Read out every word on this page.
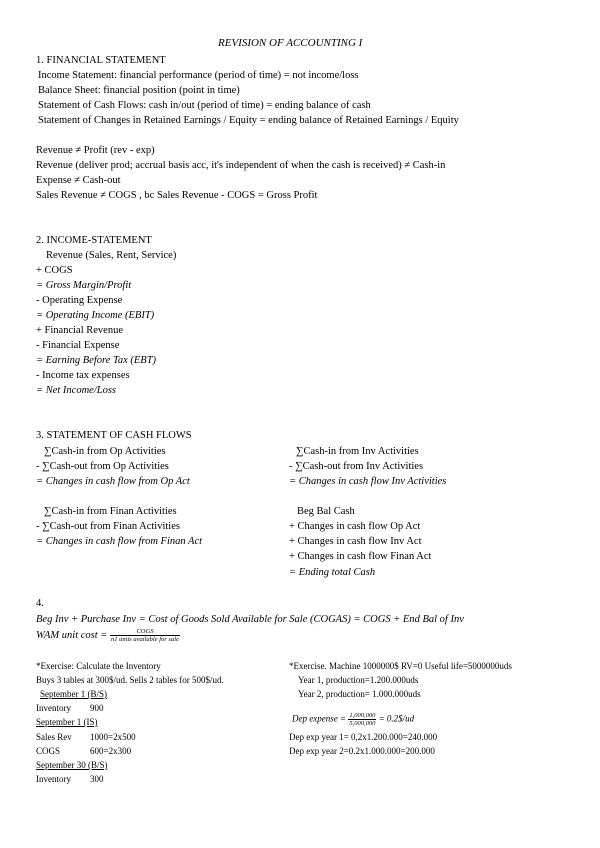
REVISION OF ACCOUNTING I
1. FINANCIAL STATEMENT
Income Statement: financial performance (period of time) = not income/loss
Balance Sheet: financial position (point in time)
Statement of Cash Flows: cash in/out (period of time) = ending balance of cash
Statement of Changes in Retained Earnings / Equity = ending balance of Retained Earnings / Equity
Revenue ≠ Profit (rev - exp)
Revenue (deliver prod; accrual basis acc, it's independent of when the cash is received) ≠ Cash-in
Expense ≠ Cash-out
Sales Revenue ≠ COGS , bc Sales Revenue - COGS = Gross Profit
2. INCOME-STATEMENT
Revenue (Sales, Rent, Service)
+ COGS
= Gross Margin/Profit
- Operating Expense
= Operating Income (EBIT)
+ Financial Revenue
- Financial Expense
= Earning Before Tax (EBT)
- Income tax expenses
= Net Income/Loss
3. STATEMENT OF CASH FLOWS
∑Cash-in from Op Activities
- ∑Cash-out from Op Activities
= Changes in cash flow from Op Act
∑Cash-in from Finan Activities
- ∑Cash-out from Finan Activities
= Changes in cash flow from Finan Act
∑Cash-in from Inv Activities
- ∑Cash-out from Inv Activities
= Changes in cash flow Inv Activities
Beg Bal Cash
+ Changes in cash flow Op Act
+ Changes in cash flow Inv Act
+ Changes in cash flow Finan Act
= Ending total Cash
4.
Beg Inv + Purchase Inv = Cost of Goods Sold Available for Sale (COGAS) = COGS + End Bal of Inv
WAM unit $\cos t = \frac{\text{COGS}}{\text{n1 units available for sale}}$
*Exercise: Calculate the Inventory
Buys 3 tables at 300$/ud. Sells 2 tables for 500$/ud.
September 1 (B/S)
Inventory 900
September 1 (IS)
Sales Rev 1000=2x500
COGS	600=2x300
September 30 (B/S)
Inventory 300
*Exercise. Machine 1000000$ RV=0 Useful life=5000000uds
Year 1, production=1.200.000uds
Year 2, production= 1.000.000uds
Dep expense = $\frac{1,000,000}{5,000,000}$ = 0.2$/ud
Dep exp year 1= 0,2x1.200.000=240.000
Dep exp year 2=0.2x1.000.000=200.000
